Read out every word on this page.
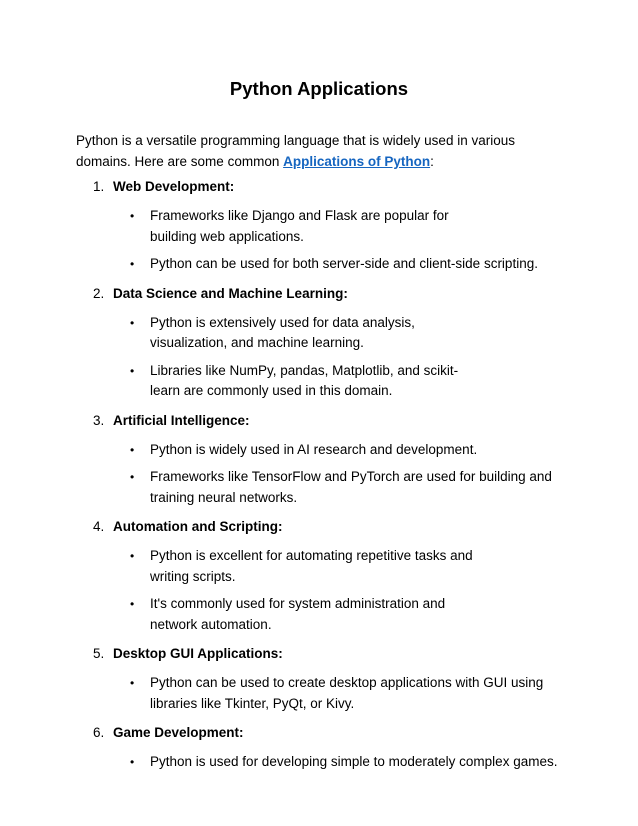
Python Applications

Python is a versatile programming language that is widely used in various domains. Here are some common Applications of Python:

1. Web Development:
• Frameworks like Django and Flask are popular for building web applications.
• Python can be used for both server-side and client-side scripting.
2. Data Science and Machine Learning:
• Python is extensively used for data analysis, visualization, and machine learning.
• Libraries like NumPy, pandas, Matplotlib, and scikit-learn are commonly used in this domain.
3. Artificial Intelligence:
• Python is widely used in AI research and development.
• Frameworks like TensorFlow and PyTorch are used for building and training neural networks.
4. Automation and Scripting:
• Python is excellent for automating repetitive tasks and writing scripts.
• It's commonly used for system administration and network automation.
5. Desktop GUI Applications:
• Python can be used to create desktop applications with GUI using libraries like Tkinter, PyQt, or Kivy.
6. Game Development:
• Python is used for developing simple to moderately complex games.
